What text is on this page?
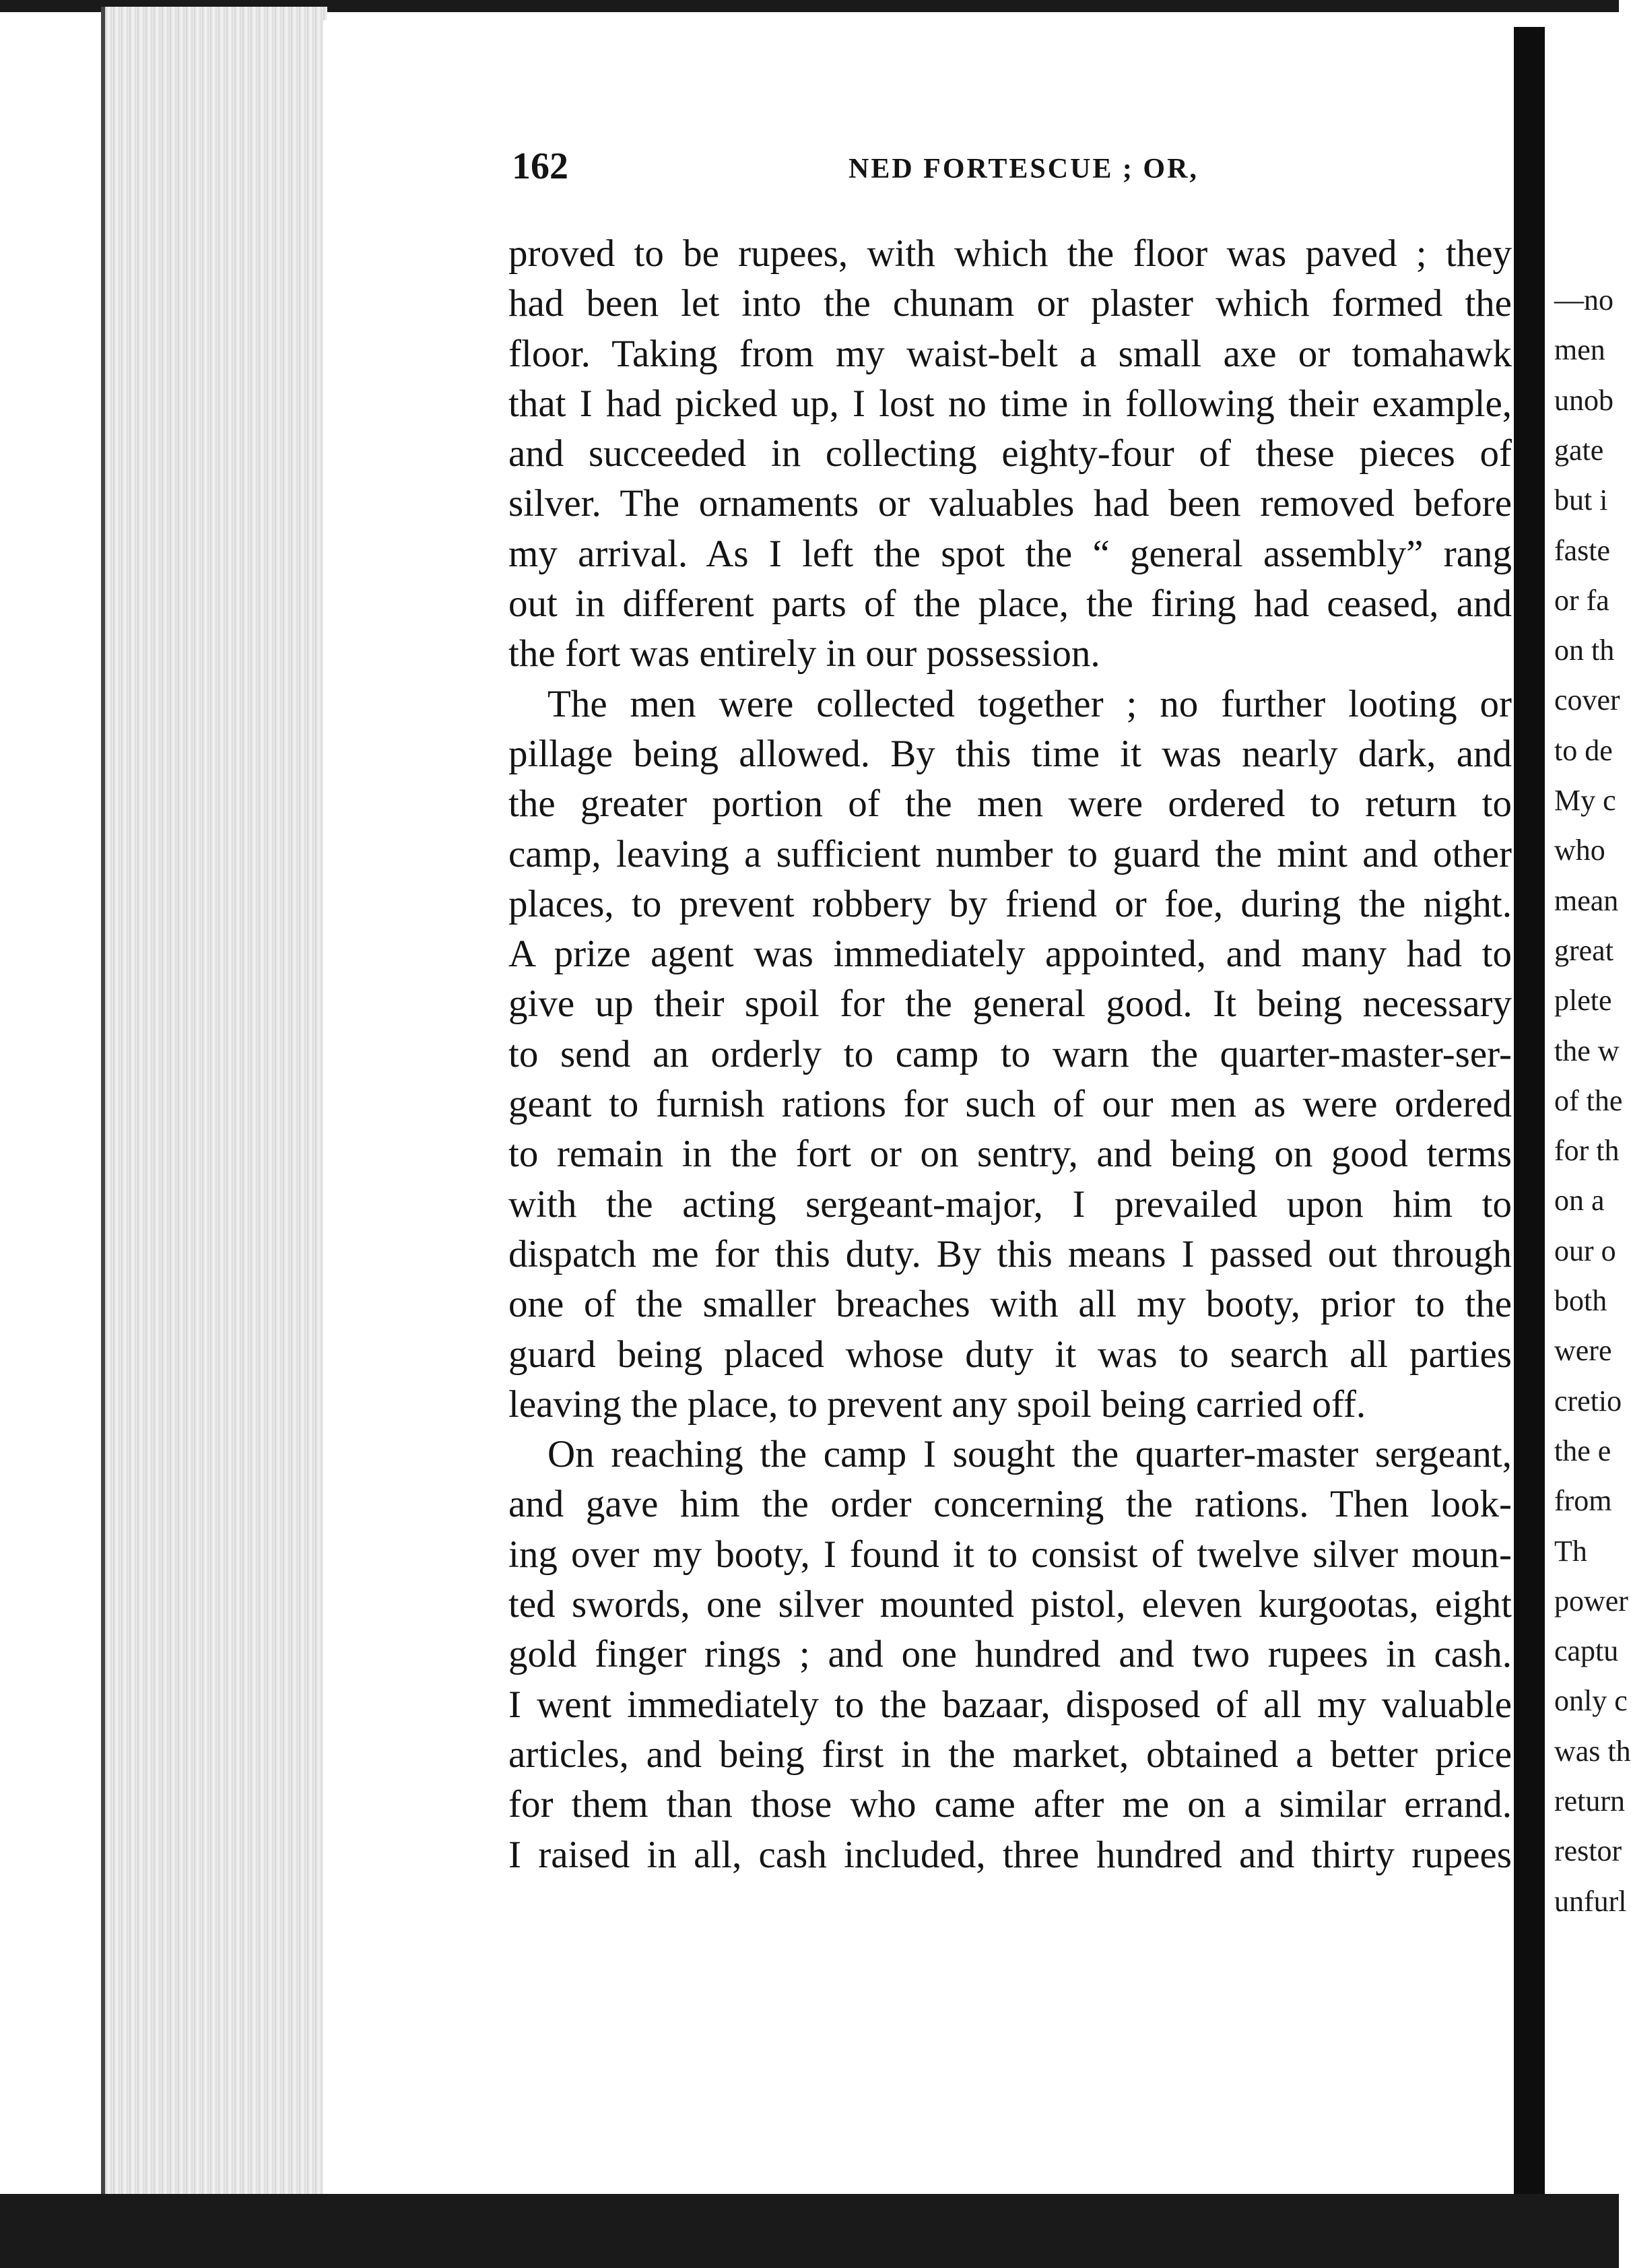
162	NED FORTESCUE ; OR,
proved to be rupees, with which the floor was paved ; they
had been let into the chunam or plaster which formed the
floor. Taking from my waist-belt a small axe or tomahawk
that I had picked up, I lost no time in following their example,
and succeeded in collecting eighty-four of these pieces of
silver. The ornaments or valuables had been removed before
my arrival. As I left the spot the “ general assembly” rang
out in different parts of the place, the firing had ceased, and
the fort was entirely in our possession.
The men were collected together ; no further looting or
pillage being allowed. By this time it was nearly dark, and
the greater portion of the men were ordered to return to
camp, leaving a sufficient number to guard the mint and other
places, to prevent robbery by friend or foe, during the night.
A prize agent was immediately appointed, and many had to
give up their spoil for the general good. It being necessary
to send an orderly to camp to warn the quarter-master-ser-
geant to furnish rations for such of our men as were ordered
to remain in the fort or on sentry, and being on good terms
with the acting sergeant-major, I prevailed upon him to
dispatch me for this duty. By this means I passed out through
one of the smaller breaches with all my booty, prior to the
guard being placed whose duty it was to search all parties
leaving the place, to prevent any spoil being carried off.
On reaching the camp I sought the quarter-master sergeant,
and gave him the order concerning the rations. Then look-
ing over my booty, I found it to consist of twelve silver moun-
ted swords, one silver mounted pistol, eleven kurgootas, eight
gold finger rings ; and one hundred and two rupees in cash.
I went immediately to the bazaar, disposed of all my valuable
articles, and being first in the market, obtained a better price
for them than those who came after me on a similar errand.
I raised in all, cash included, three hundred and thirty rupees
—no
men
unob
gate
but i
faste
or fa
on th
cover
to de
My c
who
mean
great
plete
the w
of the
for th
on a
our o
both
were
cretio
the e
from
Th
power
captu
only c
was th
return
restor
unfurl
